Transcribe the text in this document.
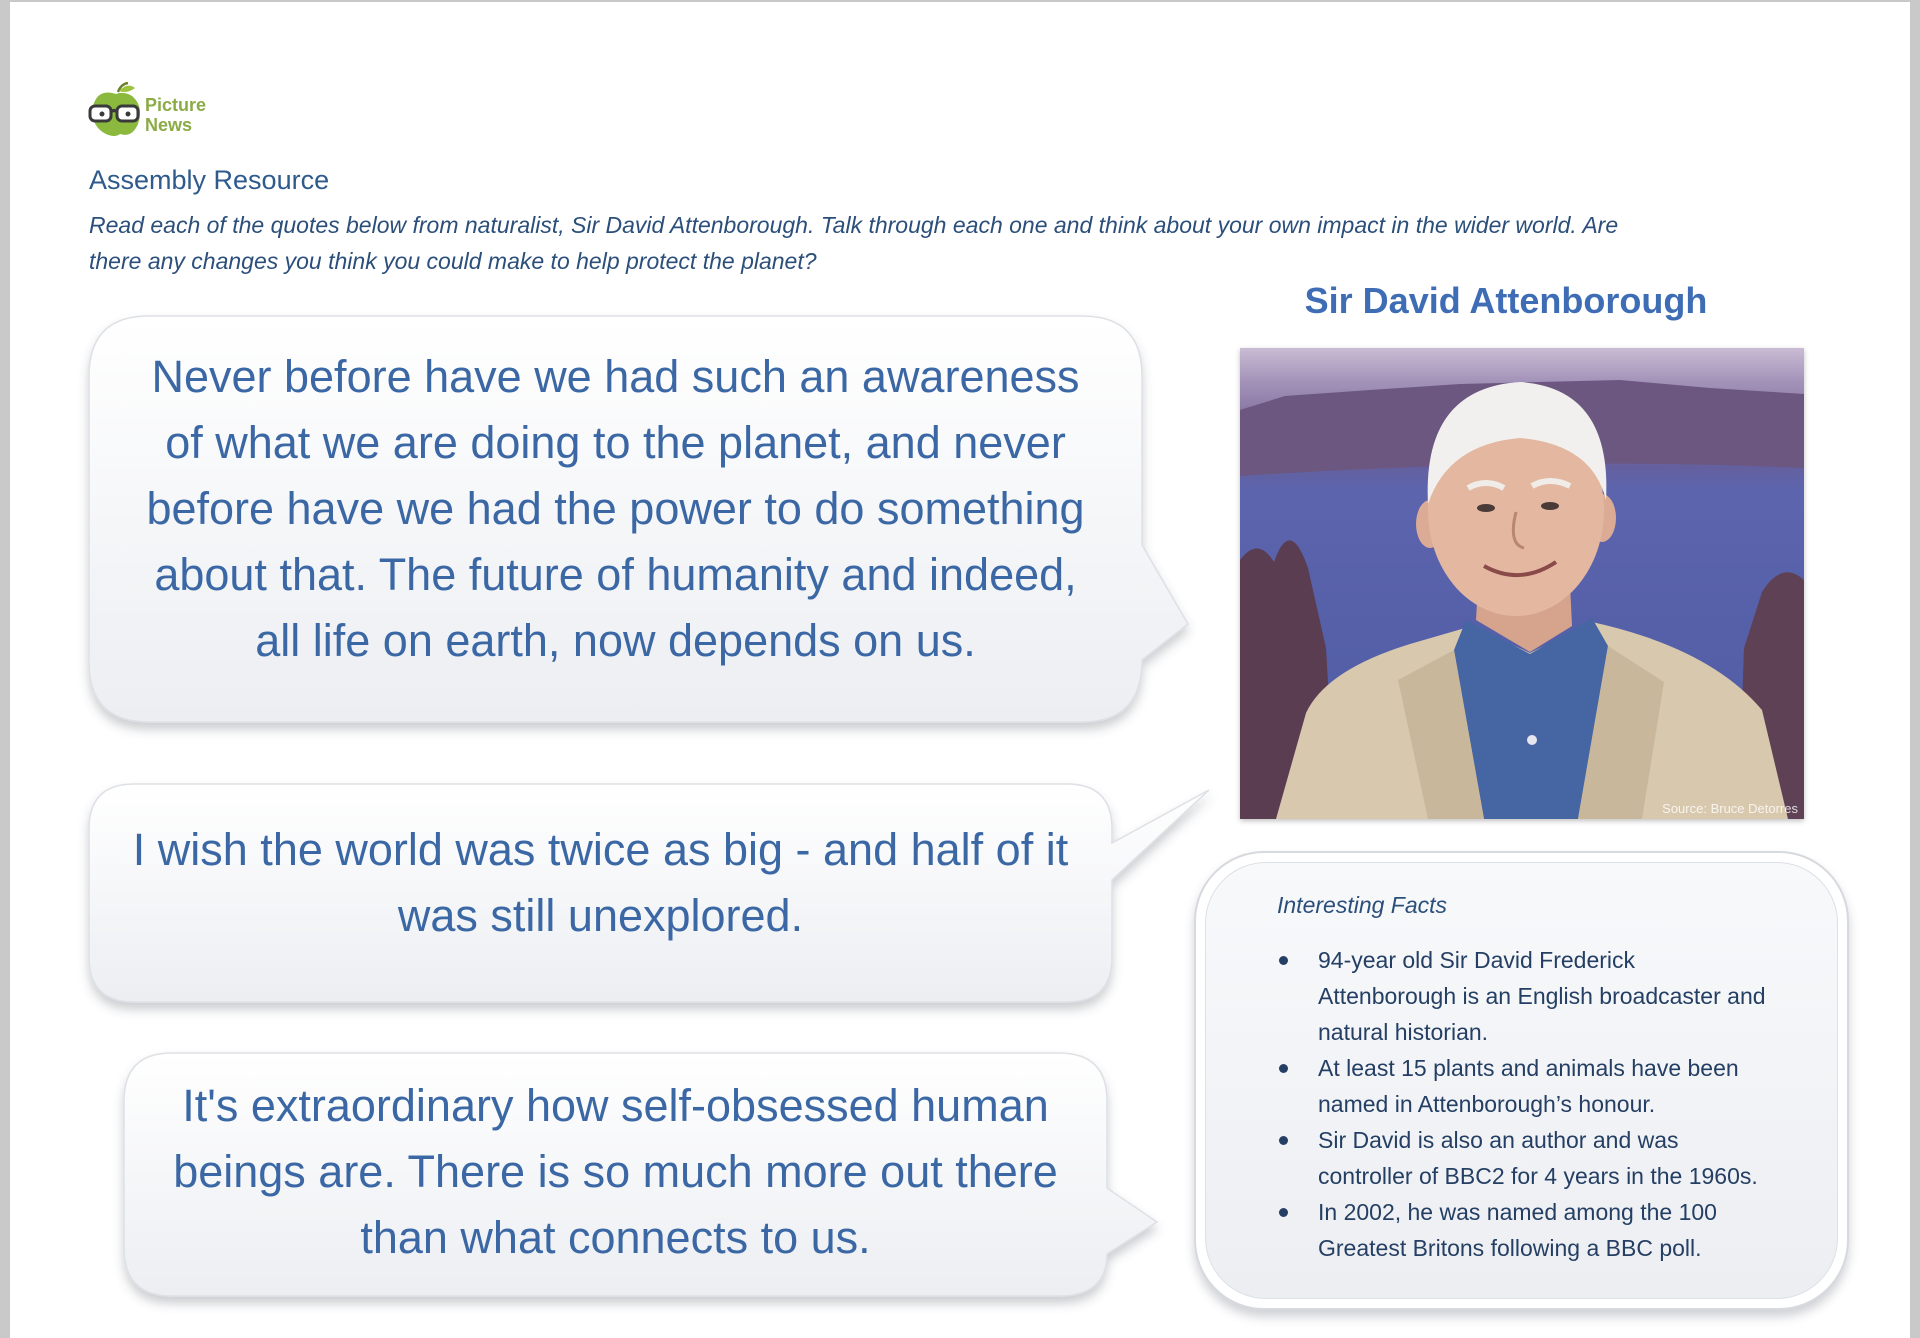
Picture
News
Assembly Resource
Read each of the quotes below from naturalist, Sir David Attenborough. Talk through each one and think about your own impact in the wider world. Are
there any changes you think you could make to help protect the planet?
Never before have we had such an awareness
of what we are doing to the planet, and never
before have we had the power to do something
about that. The future of humanity and indeed,
all life on earth, now depends on us.
I wish the world was twice as big - and half of it
was still unexplored.
It's extraordinary how self-obsessed human
beings are. There is so much more out there
than what connects to us.
Sir David Attenborough
Source: Bruce Detorres
Interesting Facts
94-year old Sir David Frederick
Attenborough is an English broadcaster and
natural historian.
At least 15 plants and animals have been
named in Attenborough’s honour.
Sir David is also an author and was
controller of BBC2 for 4 years in the 1960s.
In 2002, he was named among the 100
Greatest Britons following a BBC poll.
